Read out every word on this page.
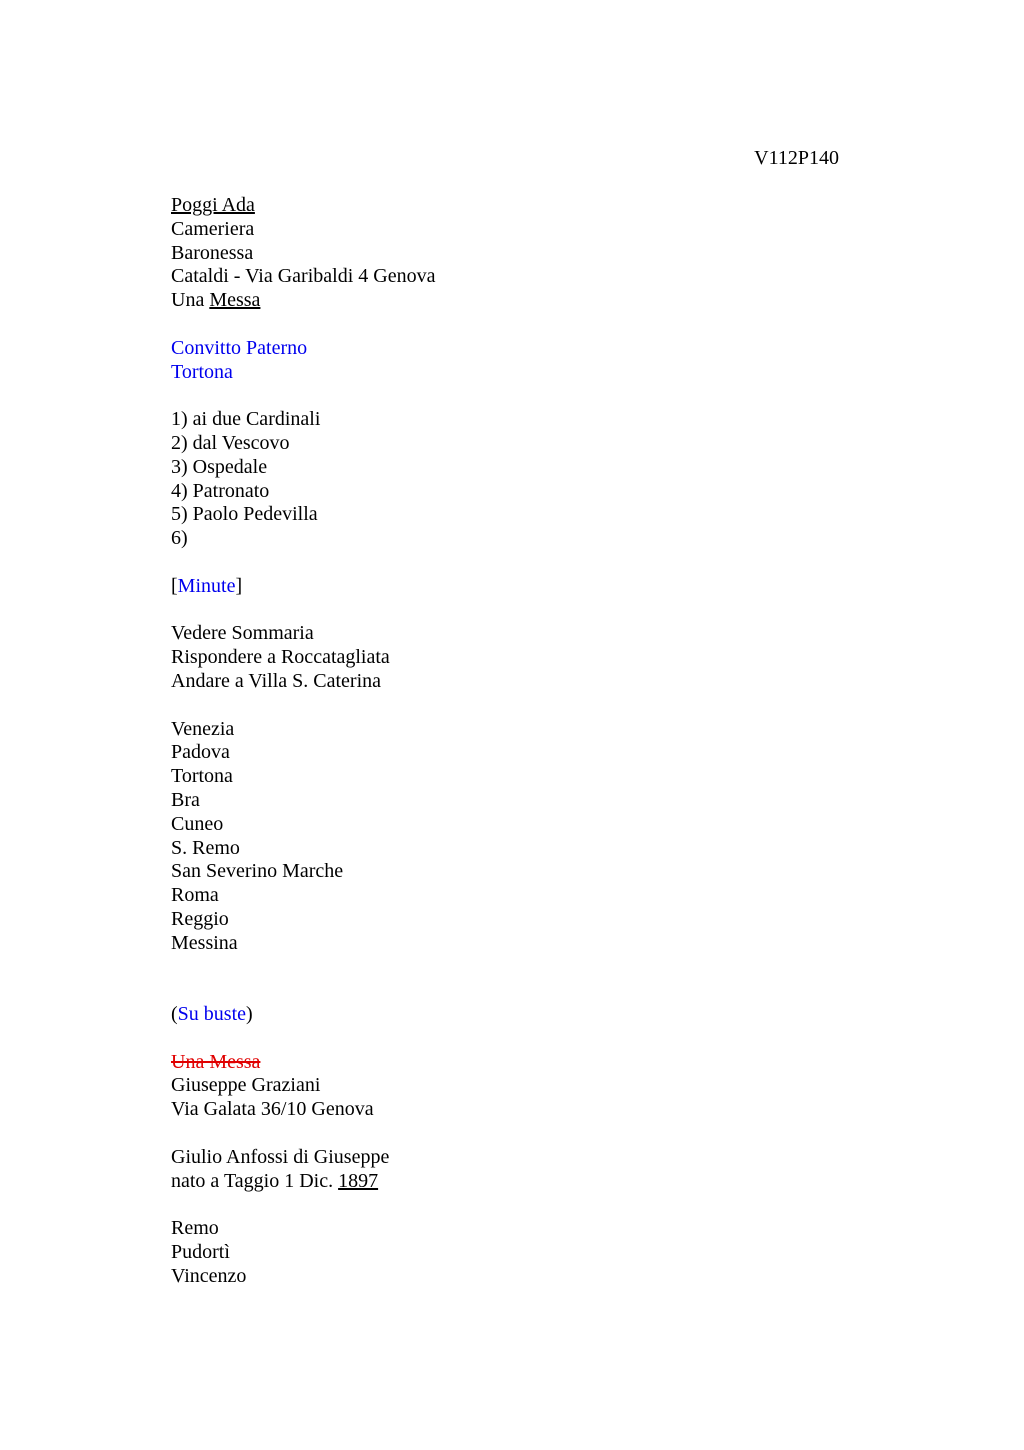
V112P140
Poggi Ada
Cameriera
Baronessa
Cataldi - Via Garibaldi 4 Genova
Una Messa
Convitto Paterno
Tortona
1) ai due Cardinali
2) dal Vescovo
3) Ospedale
4) Patronato
5) Paolo Pedevilla
6)
[Minute]
Vedere Sommaria
Rispondere a Roccatagliata
Andare a Villa S. Caterina
Venezia
Padova
Tortona
Bra
Cuneo
S. Remo
San Severino Marche
Roma
Reggio
Messina
(Su buste)
Una Messa
Giuseppe Graziani
Via Galata 36/10 Genova
Giulio Anfossi di Giuseppe
nato a Taggio 1 Dic. 1897
Remo
Pudortì
Vincenzo
